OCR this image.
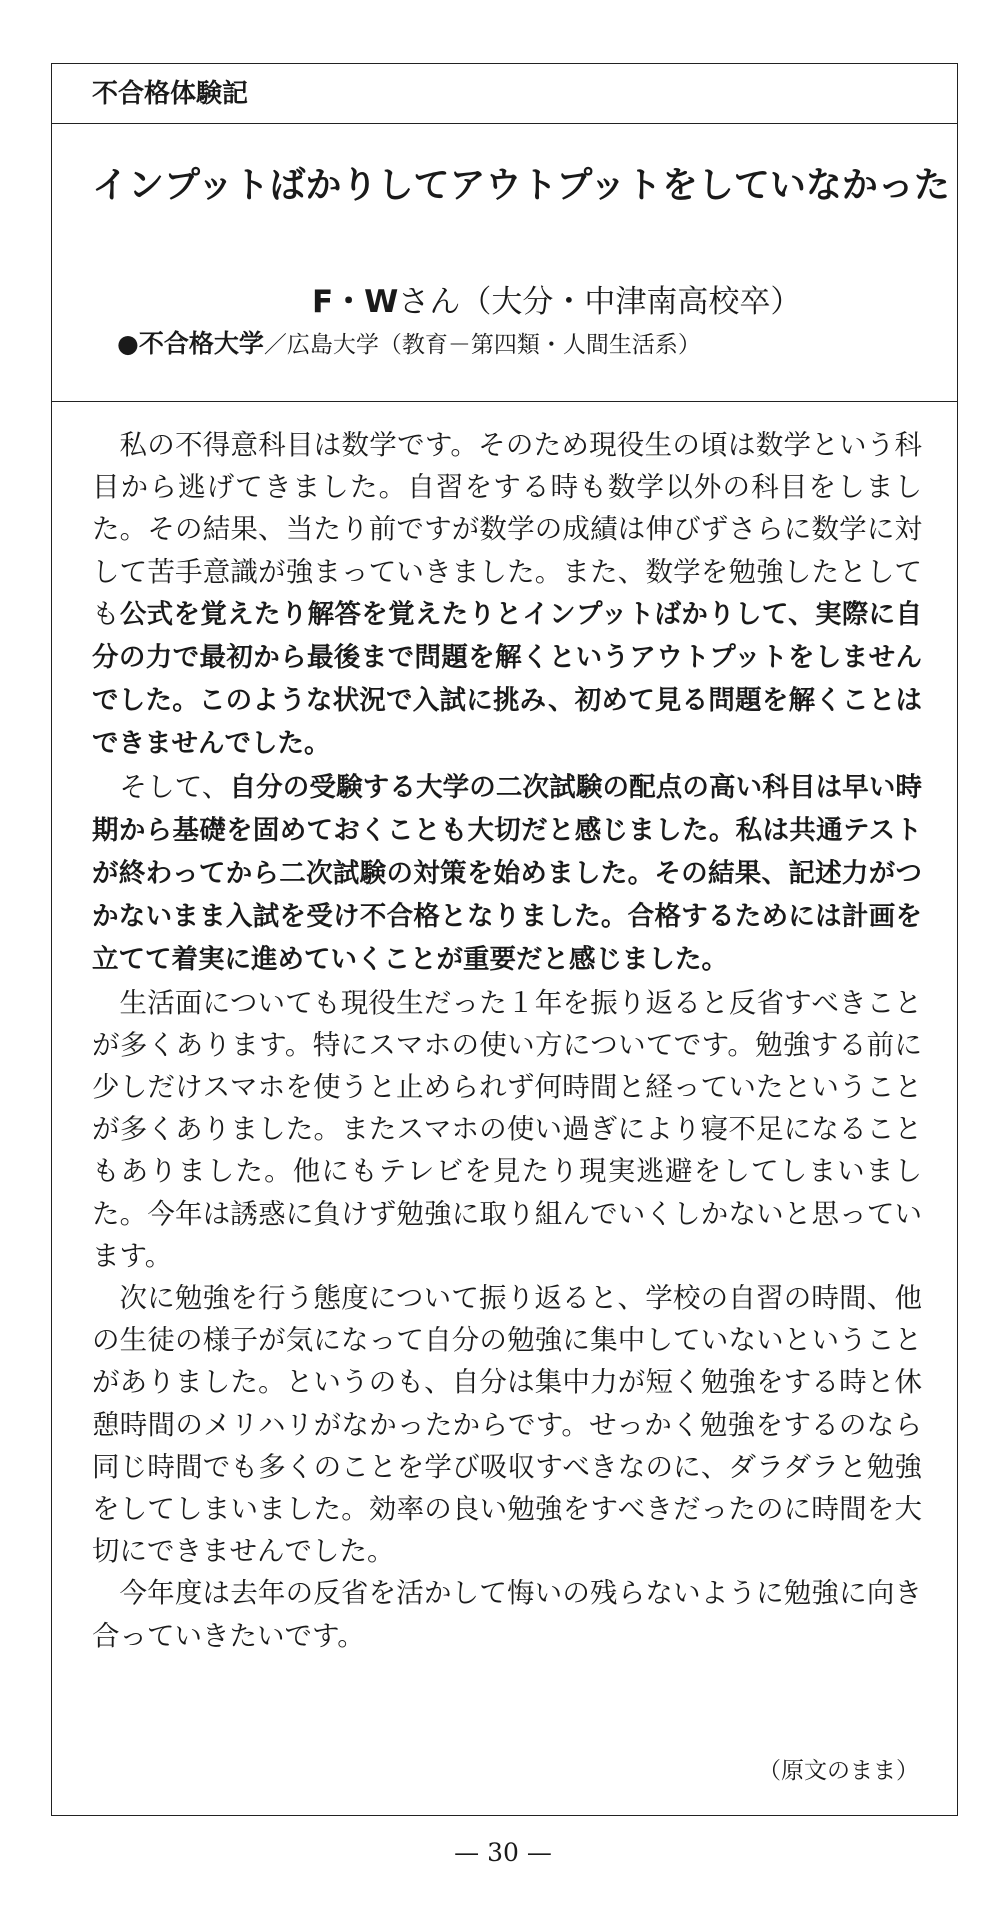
不合格体験記
インプットばかりしてアウトプットをしていなかった
F・Wさん（大分・中津南高校卒）
●不合格大学／広島大学（教育－第四類・人間生活系）

私の不得意科目は数学です。そのため現役生の頃は数学という科目から逃げてきました。自習をする時も数学以外の科目をしました。その結果、当たり前ですが数学の成績は伸びずさらに数学に対して苦手意識が強まっていきました。また、数学を勉強したとしても公式を覚えたり解答を覚えたりとインプットばかりして、実際に自分の力で最初から最後まで問題を解くというアウトプットをしませんでした。このような状況で入試に挑み、初めて見る問題を解くことはできませんでした。

そして、自分の受験する大学の二次試験の配点の高い科目は早い時期から基礎を固めておくことも大切だと感じました。私は共通テストが終わってから二次試験の対策を始めました。その結果、記述力がつかないまま入試を受け不合格となりました。合格するためには計画を立てて着実に進めていくことが重要だと感じました。

生活面についても現役生だった１年を振り返ると反省すべきことが多くあります。特にスマホの使い方についてです。勉強する前に少しだけスマホを使うと止められず何時間と経っていたということが多くありました。またスマホの使い過ぎにより寝不足になることもありました。他にもテレビを見たり現実逃避をしてしまいました。今年は誘惑に負けず勉強に取り組んでいくしかないと思っています。

次に勉強を行う態度について振り返ると、学校の自習の時間、他の生徒の様子が気になって自分の勉強に集中していないということがありました。というのも、自分は集中力が短く勉強をする時と休憩時間のメリハリがなかったからです。せっかく勉強をするのなら同じ時間でも多くのことを学び吸収すべきなのに、ダラダラと勉強をしてしまいました。効率の良い勉強をすべきだったのに時間を大切にできませんでした。

今年度は去年の反省を活かして悔いの残らないように勉強に向き合っていきたいです。

（原文のまま）
— 30 —
